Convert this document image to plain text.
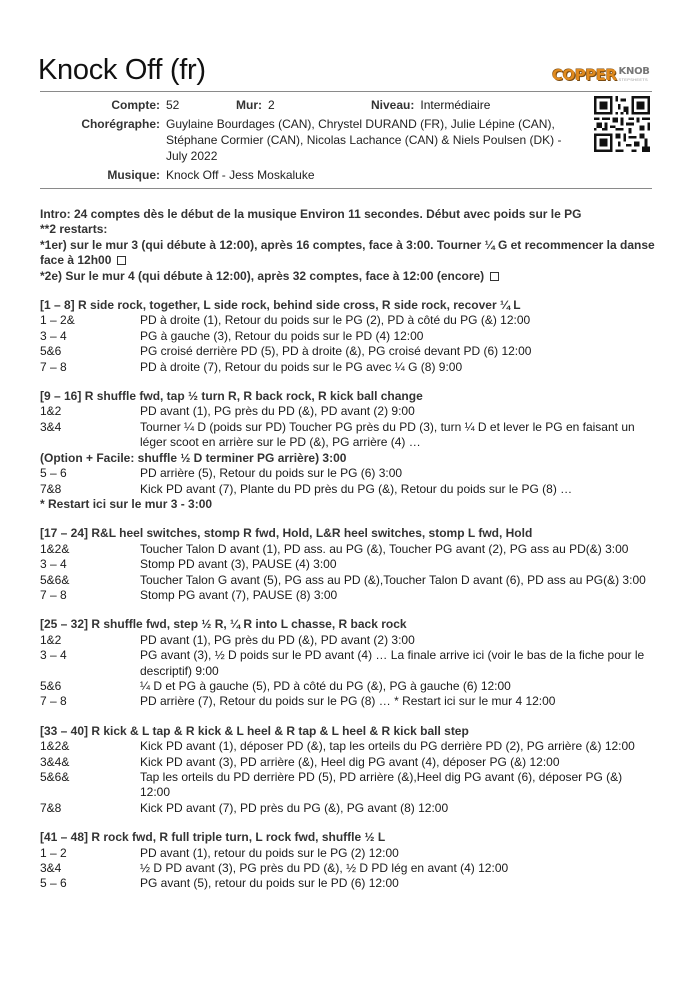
Knock Off (fr)	COPPER KNOB
STEPSHEETS
Compte: 52	Mur: 2	Niveau: Intermédiaire
Chorégraphe: Guylaine Bourdages (CAN), Chrystel DURAND (FR), Julie Lépine (CAN), Stéphane Cormier (CAN), Nicolas Lachance (CAN) & Niels Poulsen (DK) - July 2022
Musique: Knock Off - Jess Moskaluke

Intro: 24 comptes dès le début de la musique Environ 11 secondes. Début avec poids sur le PG

**2 restarts:

*1er) sur le mur 3 (qui débute à 12:00), après 16 comptes, face à 3:00. Tourner ¼ G et recommencer la danse face à 12h00

*2e) Sur le mur 4 (qui débute à 12:00), après 32 comptes, face à 12:00 (encore)

[1 – 8] R side rock, together, L side rock, behind side cross, R side rock, recover ¼ L

1 – 2&	PD à droite (1), Retour du poids sur le PG (2), PD à côté du PG (&) 12:00
3 – 4	PG à gauche (3), Retour du poids sur le PD (4) 12:00
5&6	PG croisé derrière PD (5), PD à droite (&), PG croisé devant PD (6) 12:00
7 – 8	PD à droite (7), Retour du poids sur le PG avec ¼ G (8) 9:00

[9 – 16] R shuffle fwd, tap ½ turn R, R back rock, R kick ball change

1&2	PD avant (1), PG près du PD (&), PD avant (2) 9:00
3&4	Tourner ¼ D (poids sur PD) Toucher PG près du PD (3), turn ¼ D et lever le PG en faisant un léger scoot en arrière sur le PD (&), PG arrière (4) …
(Option + Facile: shuffle ½ D terminer PG arrière) 3:00
5 – 6	PD arrière (5), Retour du poids sur le PG (6) 3:00
7&8	Kick PD avant (7), Plante du PD près du PG (&), Retour du poids sur le PG (8) …
* Restart ici sur le mur 3 - 3:00

[17 – 24] R&L heel switches, stomp R fwd, Hold, L&R heel switches, stomp L fwd, Hold

1&2&	Toucher Talon D avant (1), PD ass. au PG (&), Toucher PG avant (2), PG ass au PD(&) 3:00
3 – 4	Stomp PD avant (3), PAUSE (4) 3:00
5&6&	Toucher Talon G avant (5), PG ass au PD (&),Toucher Talon D avant (6), PD ass au PG(&) 3:00
7 – 8	Stomp PG avant (7), PAUSE (8) 3:00

[25 – 32] R shuffle fwd, step ½ R, ¼ R into L chasse, R back rock

1&2	PD avant (1), PG près du PD (&), PD avant (2) 3:00
3 – 4	PG avant (3), ½ D poids sur le PD avant (4) … La finale arrive ici (voir le bas de la fiche pour le descriptif) 9:00
5&6	¼ D et PG à gauche (5), PD à côté du PG (&), PG à gauche (6) 12:00
7 – 8	PD arrière (7), Retour du poids sur le PG (8) … * Restart ici sur le mur 4 12:00

[33 – 40] R kick & L tap & R kick & L heel & R tap & L heel & R kick ball step

1&2&	Kick PD avant (1), déposer PD (&), tap les orteils du PG derrière PD (2), PG arrière (&) 12:00
3&4&	Kick PD avant (3), PD arrière (&), Heel dig PG avant (4), déposer PG (&) 12:00
5&6&	Tap les orteils du PD derrière PD (5), PD arrière (&),Heel dig PG avant (6), déposer PG (&) 12:00
7&8	Kick PD avant (7), PD près du PG (&), PG avant (8) 12:00

[41 – 48] R rock fwd, R full triple turn, L rock fwd, shuffle ½ L

1 – 2	PD avant (1), retour du poids sur le PG (2) 12:00
3&4	½ D PD avant (3), PG près du PD (&), ½ D PD lég en avant (4) 12:00
5 – 6	PG avant (5), retour du poids sur le PD (6) 12:00
